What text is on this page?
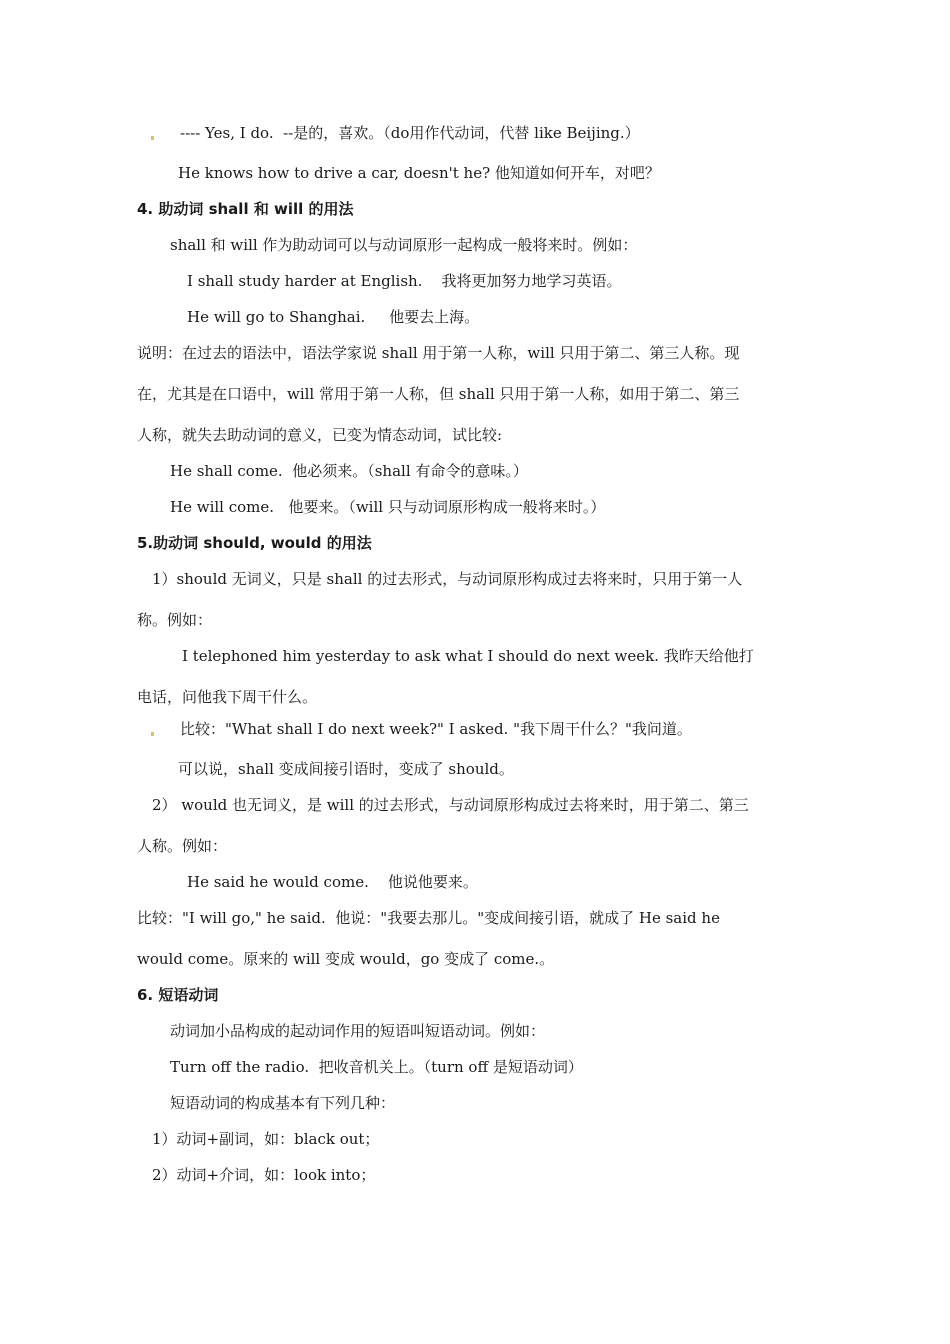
---- Yes, I do.  --是的，喜欢。（do用作代动词，代替 like Beijing.）
He knows how to drive a car, doesn't he? 他知道如何开车，对吧？
4. 助动词 shall 和 will 的用法
shall 和 will 作为助动词可以与动词原形一起构成一般将来时。例如：
I shall study harder at English.    我将更加努力地学习英语。
He will go to Shanghai.     他要去上海。
说明：在过去的语法中，语法学家说 shall 用于第一人称，will 只用于第二、第三人称。现
在，尤其是在口语中，will 常用于第一人称，但 shall 只用于第一人称，如用于第二、第三
人称，就失去助动词的意义，已变为情态动词，试比较:
He shall come.  他必须来。（shall 有命令的意味。）
He will come.   他要来。（will 只与动词原形构成一般将来时。）
5.助动词 should, would 的用法
1）should 无词义，只是 shall 的过去形式，与动词原形构成过去将来时，只用于第一人
称。例如：
I telephoned him yesterday to ask what I should do next week. 我昨天给他打
电话，问他我下周干什么。
比较："What shall I do next week?" I asked. "我下周干什么？"我问道。
可以说，shall 变成间接引语时，变成了 should。
2） would 也无词义，是 will 的过去形式，与动词原形构成过去将来时，用于第二、第三
人称。例如：
He said he would come.    他说他要来。
比较："I will go," he said.  他说："我要去那儿。"变成间接引语，就成了 He said he
would come。原来的 will 变成 would，go 变成了 come.。
6. 短语动词
动词加小品构成的起动词作用的短语叫短语动词。例如：
Turn off the radio.  把收音机关上。（turn off 是短语动词）
短语动词的构成基本有下列几种：
1）动词+副词，如：black out；
2）动词+介词，如：look into；
